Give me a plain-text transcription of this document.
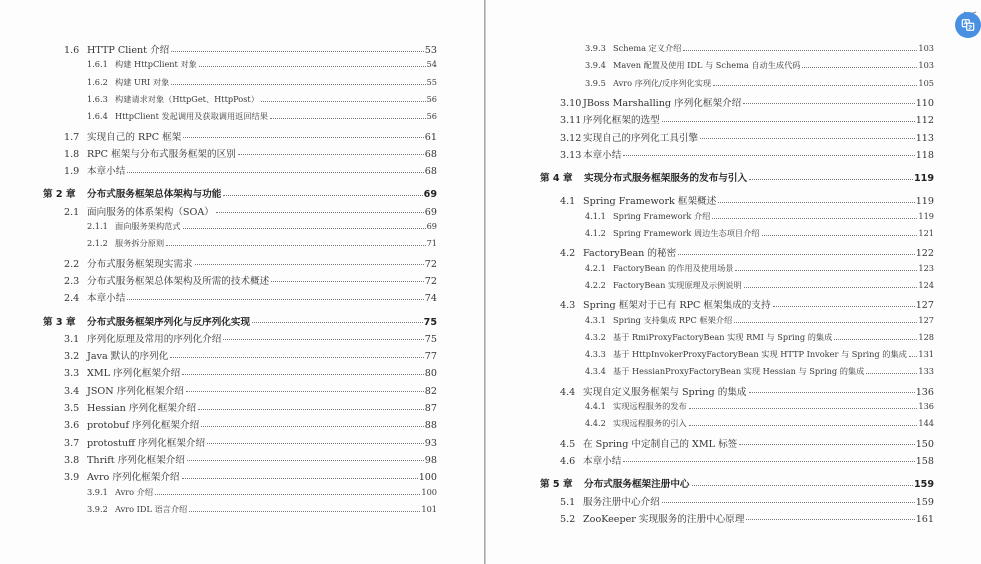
1.6 HTTP Client 介绍	53
1.6.1 构建 HttpClient 对象	54
1.6.2 构建 URI 对象	55
1.6.3 构建请求对象（HttpGet、HttpPost）	56
1.6.4 HttpClient 发起调用及获取调用返回结果	56
1.7 实现自己的 RPC 框架	61
1.8 RPC 框架与分布式服务框架的区别	68
1.9 本章小结	68
第 2 章	分布式服务框架总体架构与功能	69
2.1 面向服务的体系架构（SOA）	69
2.1.1 面向服务架构范式	69
2.1.2 服务拆分原则	71
2.2 分布式服务框架现实需求	72
2.3 分布式服务框架总体架构及所需的技术概述	72
2.4 本章小结	74
第 3 章	分布式服务框架序列化与反序列化实现	75
3.1 序列化原理及常用的序列化介绍	75
3.2 Java 默认的序列化	77
3.3 XML 序列化框架介绍	80
3.4 JSON 序列化框架介绍	82
3.5 Hessian 序列化框架介绍	87
3.6 protobuf 序列化框架介绍	88
3.7 protostuff 序列化框架介绍	93
3.8 Thrift 序列化框架介绍	98
3.9 Avro 序列化框架介绍	100
3.9.1 Avro 介绍	100
3.9.2 Avro IDL 语言介绍	101
3.9.3 Schema 定义介绍	103
3.9.4 Maven 配置及使用 IDL 与 Schema 自动生成代码	103
3.9.5 Avro 序列化/反序列化实现	105
3.10 JBoss Marshalling 序列化框架介绍	110
3.11 序列化框架的选型	112
3.12 实现自己的序列化工具引擎	113
3.13 本章小结	118
第 4 章	实现分布式服务框架服务的发布与引入	119
4.1 Spring Framework 框架概述	119
4.1.1 Spring Framework 介绍	119
4.1.2 Spring Framework 周边生态项目介绍	121
4.2 FactoryBean 的秘密	122
4.2.1 FactoryBean 的作用及使用场景	123
4.2.2 FactoryBean 实现原理及示例说明	124
4.3 Spring 框架对于已有 RPC 框架集成的支持	127
4.3.1 Spring 支持集成 RPC 框架介绍	127
4.3.2 基于 RmiProxyFactoryBean 实现 RMI 与 Spring 的集成	128
4.3.3 基于 HttpInvokerProxyFactoryBean 实现 HTTP Invoker 与 Spring 的集成 131
4.3.4 基于 HessianProxyFactoryBean 实现 Hessian 与 Spring 的集成	133
4.4 实现自定义服务框架与 Spring 的集成	136
4.4.1 实现远程服务的发布	136
4.4.2 实现远程服务的引入	144
4.5 在 Spring 中定制自己的 XML 标签	150
4.6 本章小结	158
第 5 章	分布式服务框架注册中心	159
5.1 服务注册中心介绍	159
5.2 ZooKeeper 实现服务的注册中心原理	161
